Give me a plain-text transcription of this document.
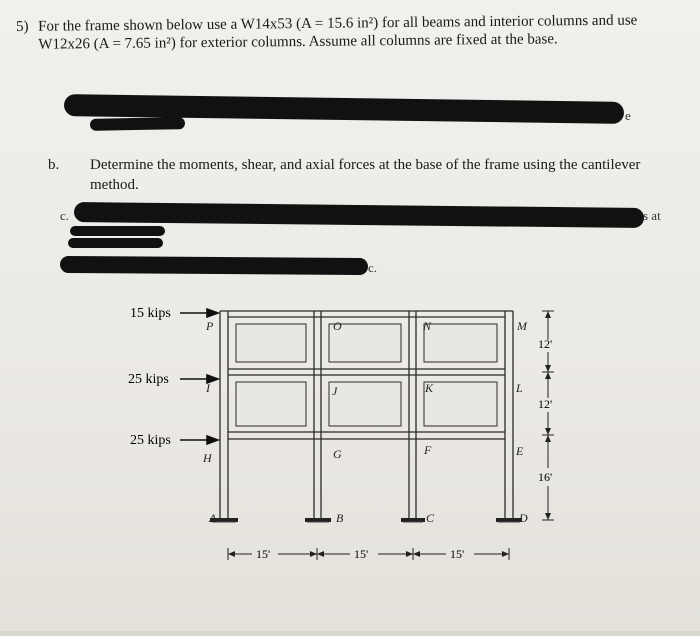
5) For the frame shown below use a W14x53 (A = 15.6 in²) for all beams and interior columns and use W12x26 (A = 7.65 in²) for exterior columns. Assume all columns are fixed at the base.
e
b. Determine the moments, shear, and axial forces at the base of the frame using the cantilever method.
c.	s at
c.
15 kips
25 kips
25 kips
P	O	N	M
I	J	K	L
H	G	F	E
A	B	C	D
12'
12'
16'
15'	15'	15'
